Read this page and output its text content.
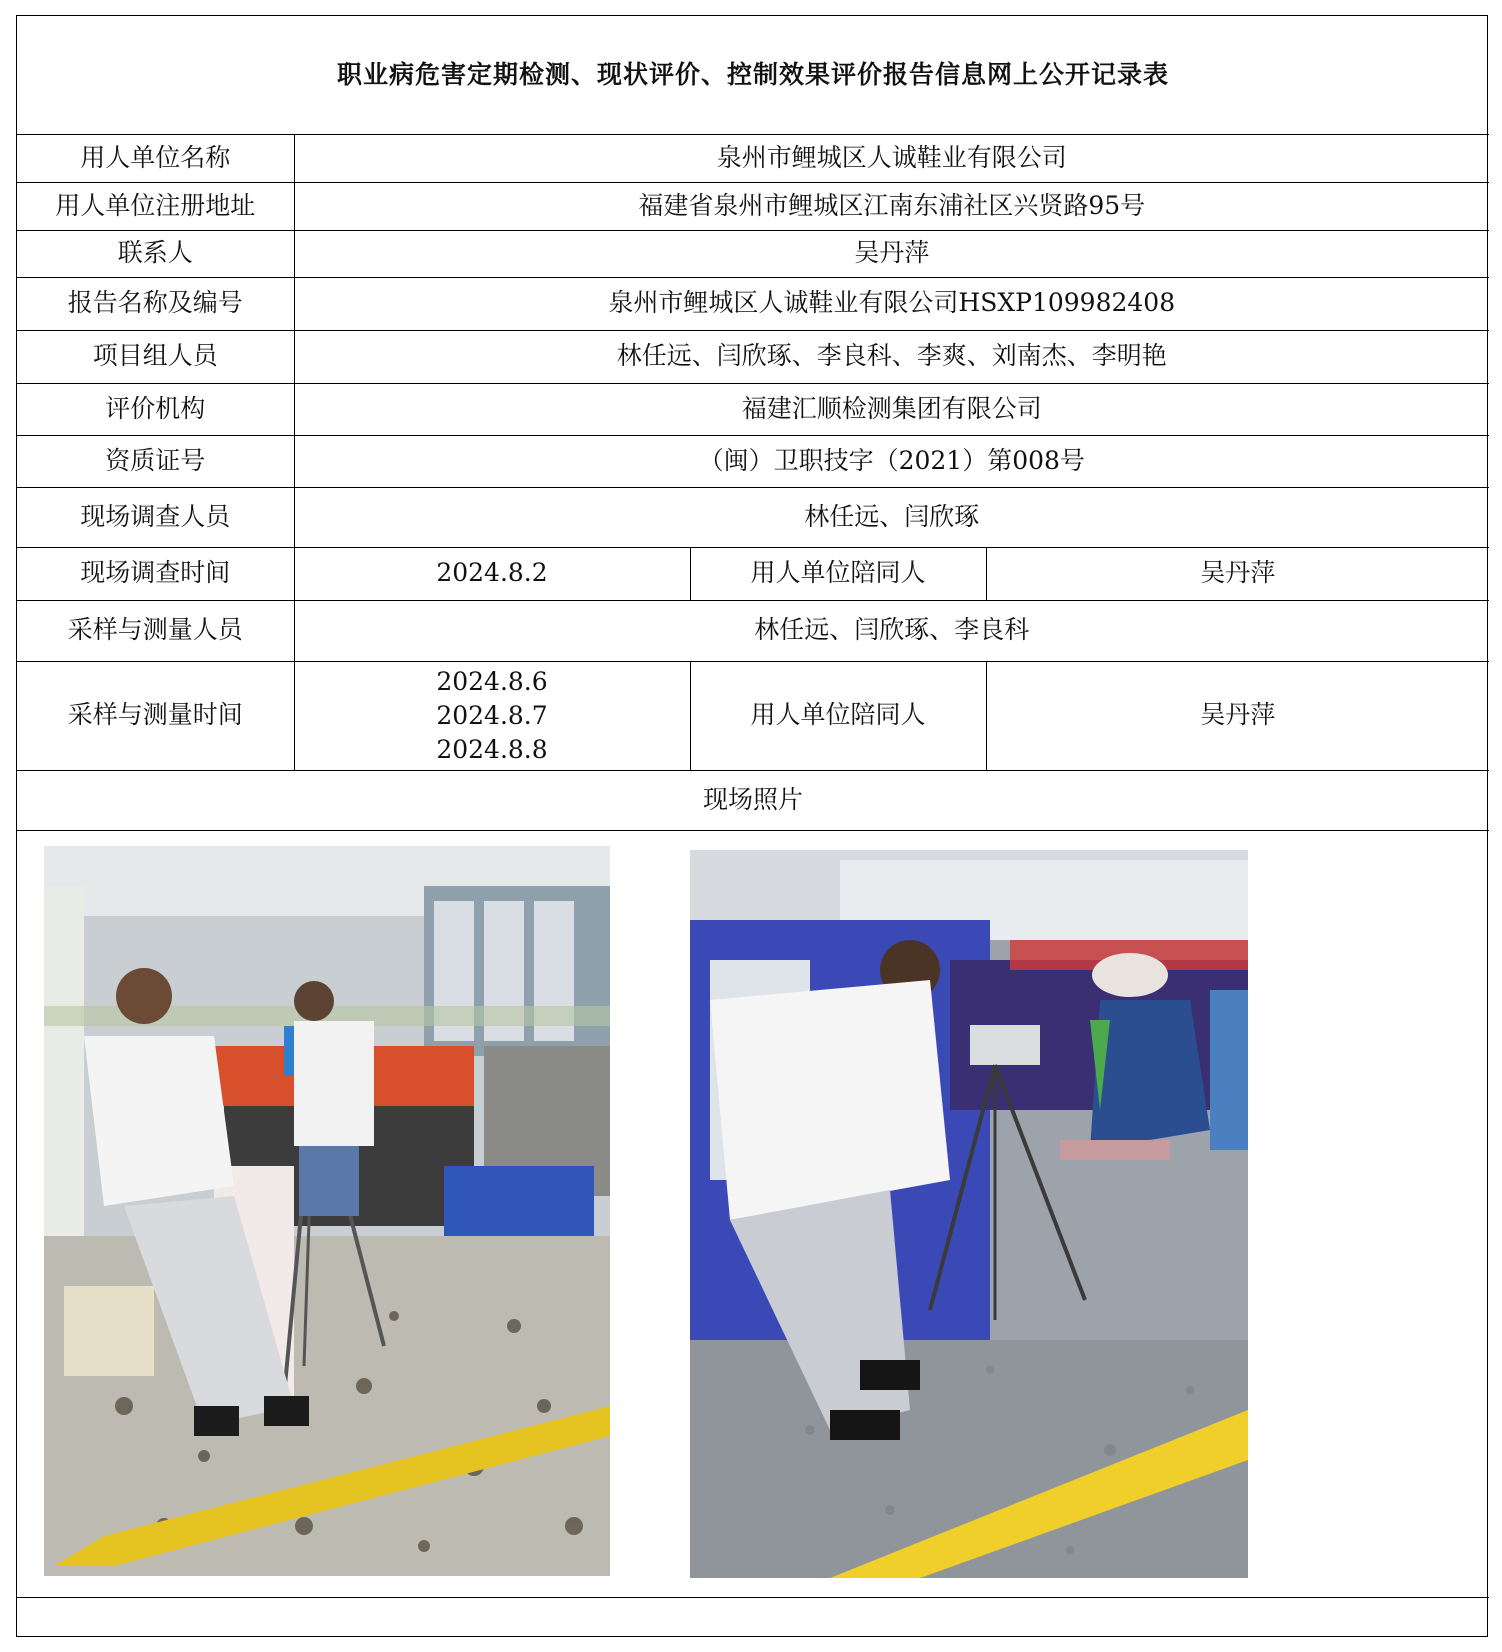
职业病危害定期检测、现状评价、控制效果评价报告信息网上公开记录表			
用人单位名称	泉州市鲤城区人诚鞋业有限公司		
用人单位注册地址	福建省泉州市鲤城区江南东浦社区兴贤路95号		
联系人	吴丹萍		
报告名称及编号	泉州市鲤城区人诚鞋业有限公司HSXP109982408		
项目组人员	林任远、闫欣琢、李良科、李爽、刘南杰、李明艳		
评价机构	福建汇顺检测集团有限公司		
资质证号	（闽）卫职技字（2021）第008号		
现场调查人员	林任远、闫欣琢		
现场调查时间	2024.8.2	用人单位陪同人	吴丹萍
采样与测量人员	林任远、闫欣琢、李良科		
采样与测量时间	2024.8.6
2024.8.7
2024.8.8	用人单位陪同人	吴丹萍
现场照片			
